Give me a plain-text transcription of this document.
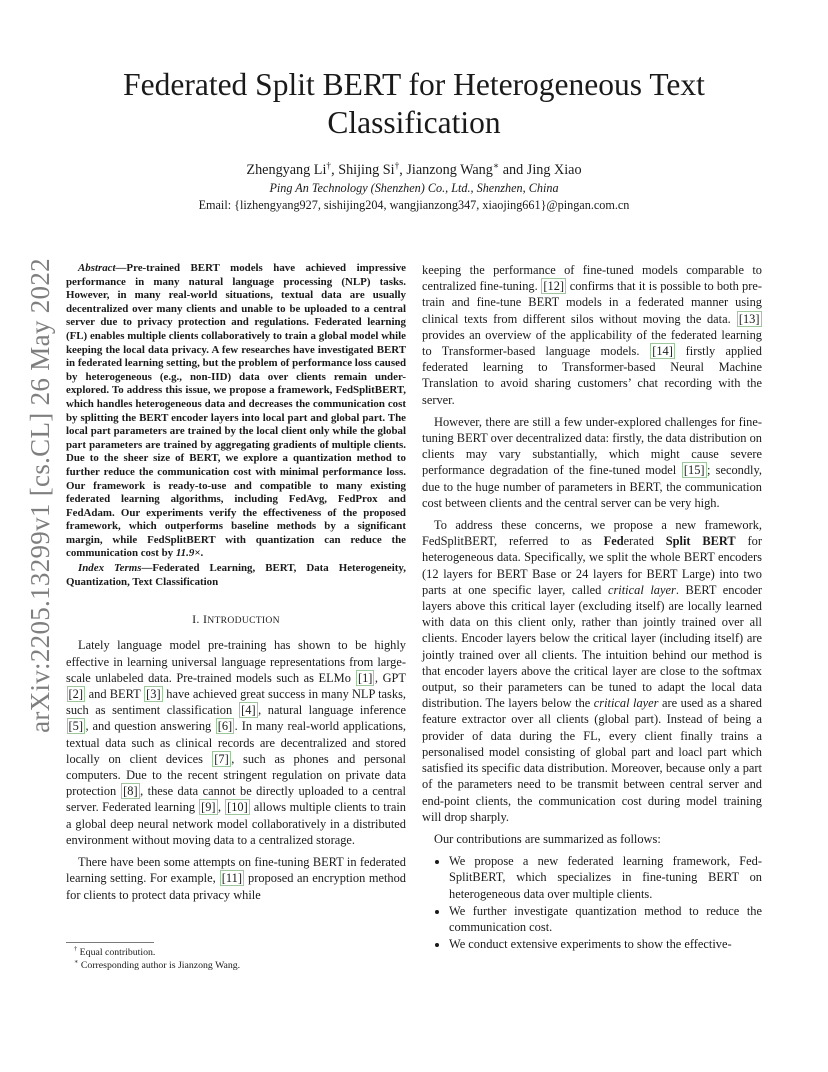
arXiv:2205.13299v1 [cs.CL] 26 May 2022
Federated Split BERT for Heterogeneous Text Classification
Zhengyang Li†, Shijing Si†, Jianzong Wang∗ and Jing Xiao
Ping An Technology (Shenzhen) Co., Ltd., Shenzhen, China
Email: {lizhengyang927, sishijing204, wangjianzong347, xiaojing661}@pingan.com.cn

Abstract—Pre-trained BERT models have achieved impressive performance in many natural language processing (NLP) tasks. However, in many real-world situations, textual data are usually decentralized over many clients and unable to be uploaded to a central server due to privacy protection and regulations. Federated learning (FL) enables multiple clients collaboratively to train a global model while keeping the local data privacy. A few researches have investigated BERT in federated learning setting, but the problem of performance loss caused by heterogeneous (e.g., non-IID) data over clients remain under-explored. To address this issue, we propose a framework, FedSplitBERT, which handles heterogeneous data and decreases the communication cost by splitting the BERT encoder layers into local part and global part. The local part parameters are trained by the local client only while the global part parameters are trained by aggregating gradients of multiple clients. Due to the sheer size of BERT, we explore a quantization method to further reduce the communication cost with minimal performance loss. Our framework is ready-to-use and compatible to many existing federated learning algorithms, including FedAvg, FedProx and FedAdam. Our experiments verify the effectiveness of the proposed framework, which outperforms baseline methods by a significant margin, while FedSplitBERT with quantization can reduce the communication cost by 11.9×.

Index Terms—Federated Learning, BERT, Data Heterogeneity, Quantization, Text Classification

I. INTRODUCTION

Lately language model pre-training has shown to be highly effective in learning universal language representations from large-scale unlabeled data. Pre-trained models such as ELMo [1] , GPT [2] and BERT [3] have achieved great success in many NLP tasks, such as sentiment classification [4] , natural language inference [5] , and question answering [6] . In many real-world applications, textual data such as clinical records are decentralized and stored locally on client devices [7] , such as phones and personal computers. Due to the recent stringent regulation on private data protection [8] , these data cannot be directly uploaded to a central server. Federated learning [9] , [10] allows multiple clients to train a global deep neural network model collaboratively in a distributed environment without moving data to a centralized storage.

There have been some attempts on fine-tuning BERT in federated learning setting. For example, [11] proposed an encryption method for clients to protect data privacy while

† Equal contribution.
∗ Corresponding author is Jianzong Wang.

keeping the performance of fine-tuned models comparable to centralized fine-tuning. [12] confirms that it is possible to both pre-train and fine-tune BERT models in a federated manner using clinical texts from different silos without moving the data. [13] provides an overview of the applicability of the federated learning to Transformer-based language models. [14] firstly applied federated learning to Transformer-based Neural Machine Translation to avoid sharing customers’ chat recording with the server.

However, there are still a few under-explored challenges for fine-tuning BERT over decentralized data: firstly, the data distribution on clients may vary substantially, which might cause severe performance degradation of the fine-tuned model [15] ; secondly, due to the huge number of parameters in BERT, the communication cost between clients and the central server can be very high.

To address these concerns, we propose a new framework, FedSplitBERT, referred to as Federated Split BERT for heterogeneous data. Specifically, we split the whole BERT encoders (12 layers for BERT Base or 24 layers for BERT Large) into two parts at one specific layer, called critical layer. BERT encoder layers above this critical layer (excluding itself) are locally learned with data on this client only, rather than jointly trained over all clients. Encoder layers below the critical layer (including itself) are jointly trained over all clients. The intuition behind our method is that encoder layers above the critical layer are close to the softmax output, so their parameters can be tuned to adapt the local data distribution. The layers below the critical layer are used as a shared feature extractor over all clients (global part). Instead of being a provider of data during the FL, every client finally trains a personalised model consisting of global part and loacl part which satisfied its specific data distribution. Moreover, because only a part of the parameters need to be transmit between central server and end-point clients, the communication cost during model training will drop sharply.

Our contributions are summarized as follows:

• We propose a new federated learning framework, Fed-SplitBERT, which specializes in fine-tuning BERT on heterogeneous data over multiple clients.
• We further investigate quantization method to reduce the communication cost.
• We conduct extensive experiments to show the effective-
